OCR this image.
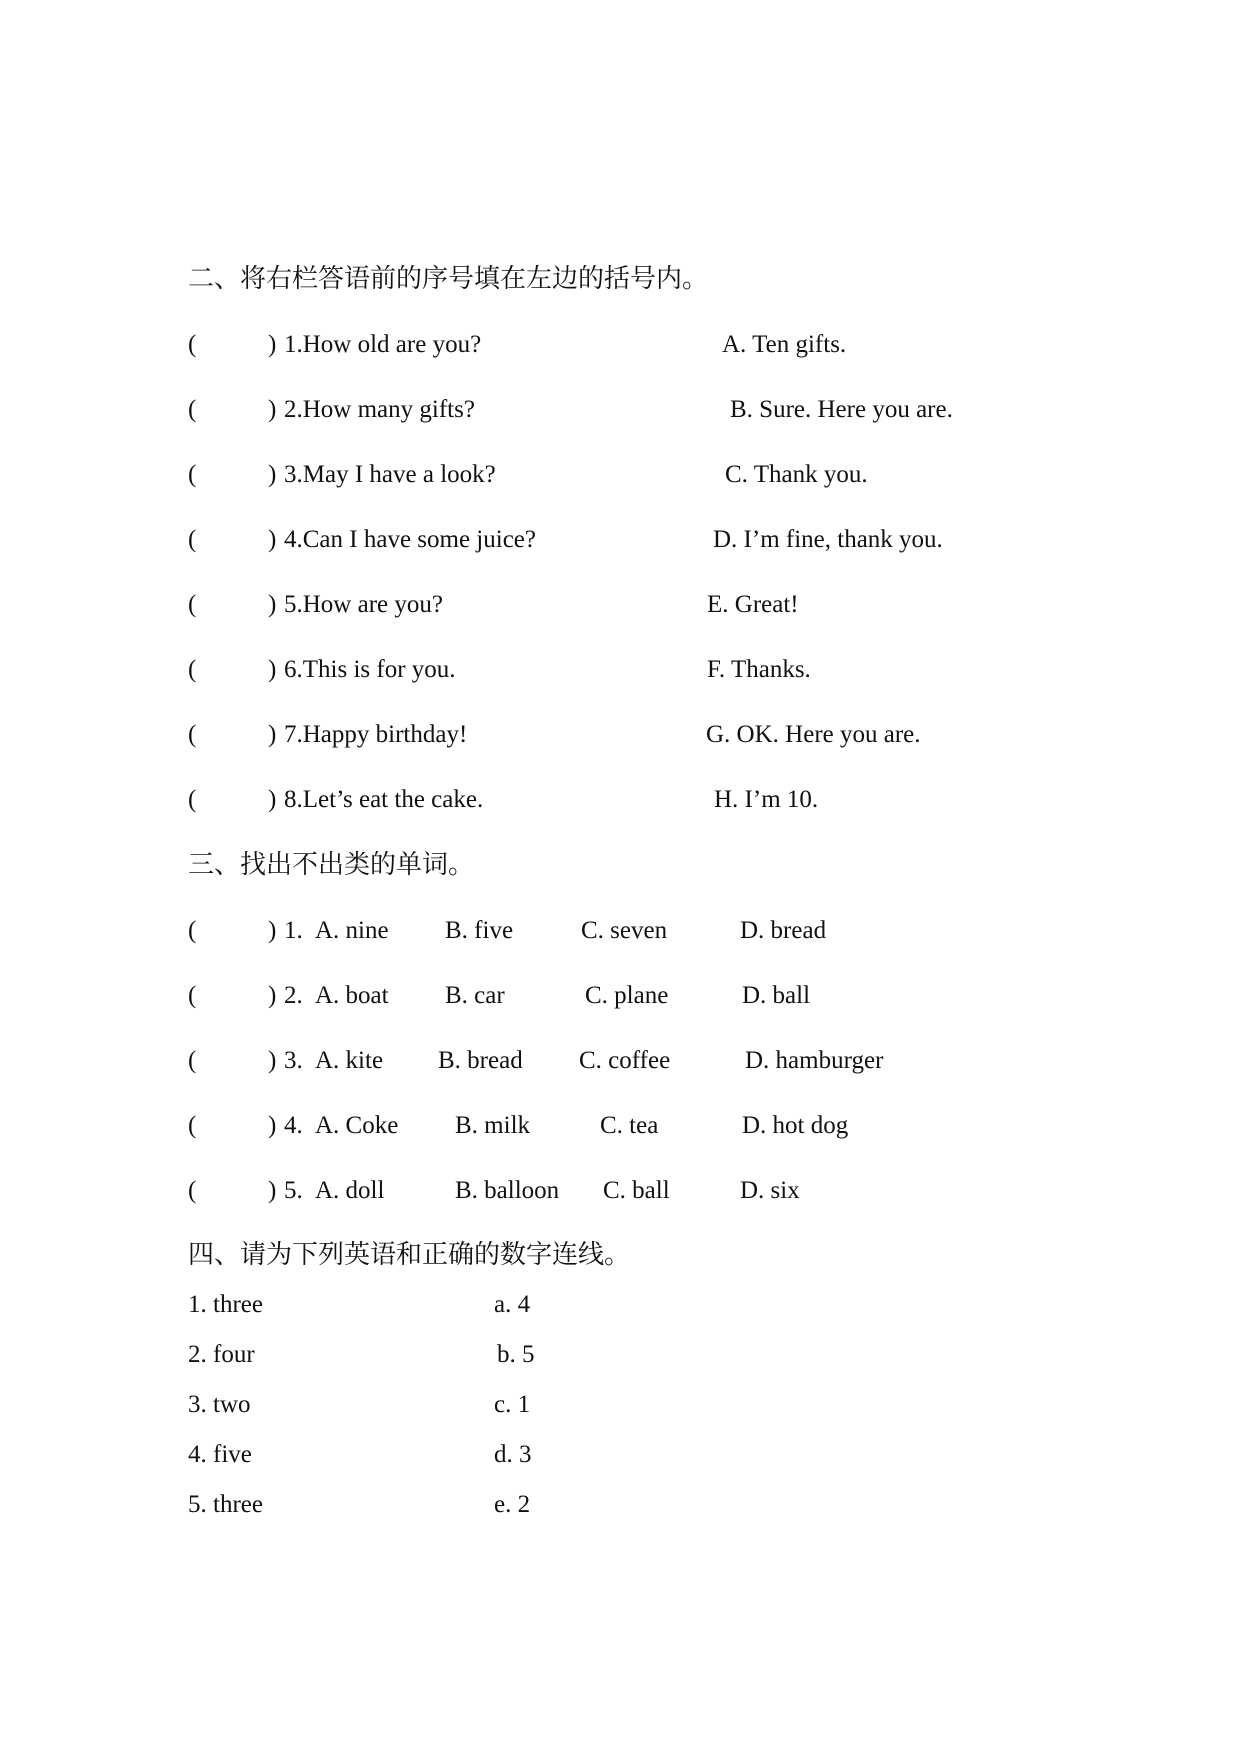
二、将右栏答语前的序号填在左边的括号内。
(	) 1.How old are you?	A. Ten gifts.
(	) 2.How many gifts?	B. Sure. Here you are.
(	) 3.May I have a look?	C. Thank you.
(	) 4.Can I have some juice?	D. I’m fine, thank you.
(	) 5.How are you?	E. Great!
(	) 6.This is for you.	F. Thanks.
(	) 7.Happy birthday!	G. OK. Here you are.
(	) 8.Let’s eat the cake.	H. I’m 10.
三、找出不出类的单词。
(	) 1. A. nine B. five	C. seven	D. bread
(	) 2. A. boat B. car	C. plane	D. ball
(	) 3. A. kite B. bread C. coffee	D. hamburger
(	) 4. A. Coke B. milk	C. tea	D. hot dog
(	) 5. A. doll	B. balloon C. ball	D. six
四、请为下列英语和正确的数字连线。
1. three	a. 4
2. four	b. 5
3. two	c. 1
4. five	d. 3
5. three	e. 2
